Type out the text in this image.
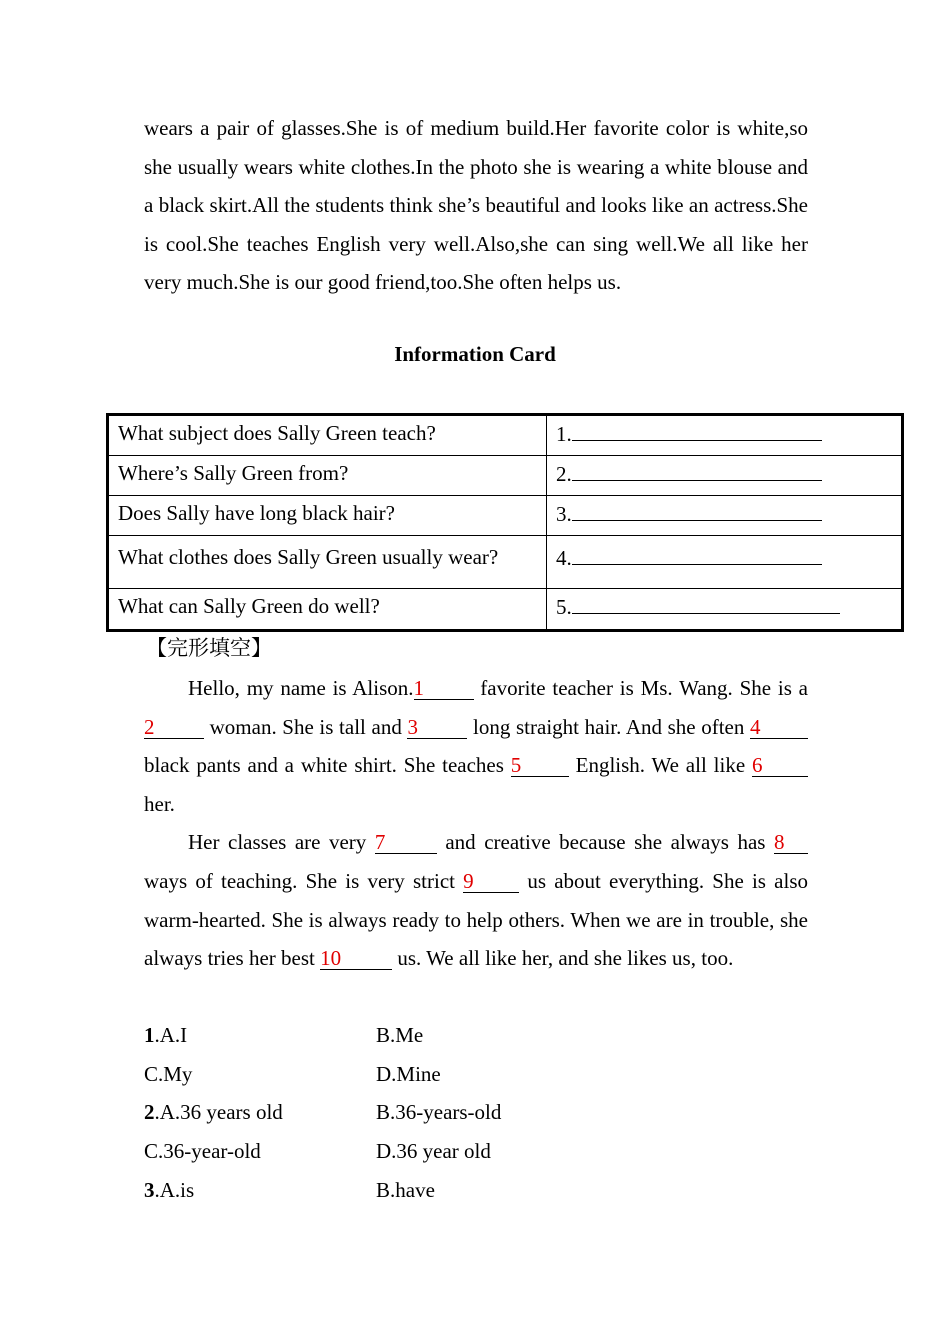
wears a pair of glasses.She is of medium build.Her favorite color is white,so she usually wears white clothes.In the photo she is wearing a white blouse and a black skirt.All the students think she’s beautiful and looks like an actress.She is cool.She teaches English very well.Also,she can sing well.We all like her very much.She is our good friend,too.She often helps us.

Information Card
What subject does Sally Green teach?	1.
Where’s Sally Green from?	2.
Does Sally have long black hair?	3.
What clothes does Sally Green usually wear?	4.
What can Sally Green do well?	5.
【完形填空】
Hello, my name is Alison.1 favorite teacher is Ms. Wang. She is a 2 woman. She is tall and 3 long straight hair. And she often 4 black pants and a white shirt. She teaches 5 English. We all like 6 her.
Her classes are very 7 and creative because she always has 8 ways of teaching. She is very strict 9 us about everything. She is also warm-hearted. She is always ready to help others. When we are in trouble, she always tries her best 10 us. We all like her, and she likes us, too.
1.A.I	B.Me
C.My	D.Mine
2.A.36 years old	B.36-years-old
C.36-year-old	D.36 year old
3.A.is	B.have
